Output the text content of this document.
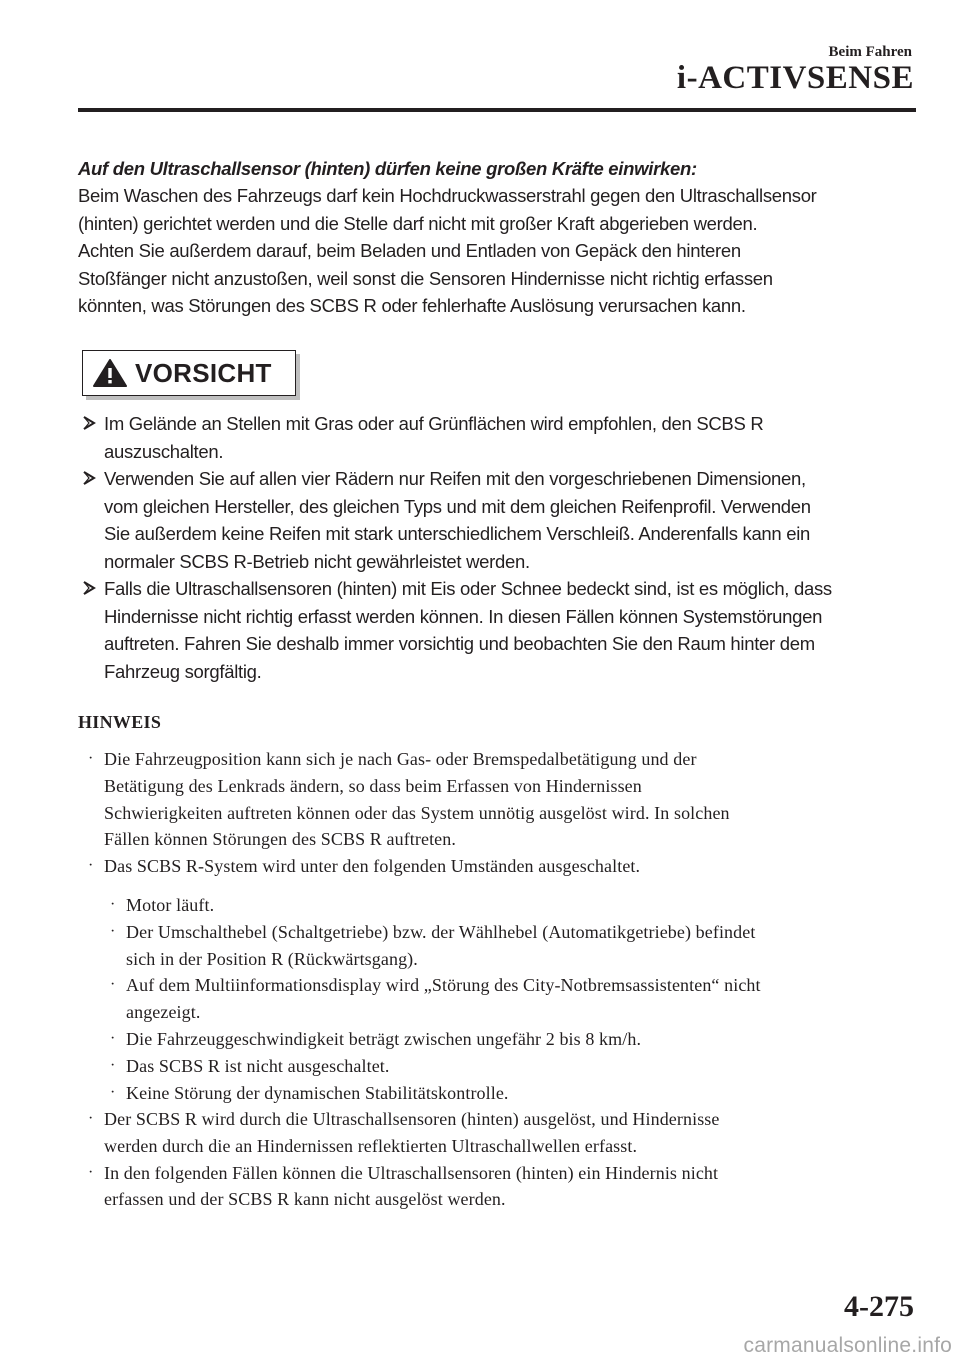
Beim Fahren
i-ACTIVSENSE
Auf den Ultraschallsensor (hinten) dürfen keine großen Kräfte einwirken:
Beim Waschen des Fahrzeugs darf kein Hochdruckwasserstrahl gegen den Ultraschallsensor
(hinten) gerichtet werden und die Stelle darf nicht mit großer Kraft abgerieben werden.
Achten Sie außerdem darauf, beim Beladen und Entladen von Gepäck den hinteren
Stoßfänger nicht anzustoßen, weil sonst die Sensoren Hindernisse nicht richtig erfassen
könnten, was Störungen des SCBS R oder fehlerhafte Auslösung verursachen kann.
VORSICHT
Im Gelände an Stellen mit Gras oder auf Grünflächen wird empfohlen, den SCBS R
auszuschalten.
Verwenden Sie auf allen vier Rädern nur Reifen mit den vorgeschriebenen Dimensionen,
vom gleichen Hersteller, des gleichen Typs und mit dem gleichen Reifenprofil. Verwenden
Sie außerdem keine Reifen mit stark unterschiedlichem Verschleiß. Anderenfalls kann ein
normaler SCBS R-Betrieb nicht gewährleistet werden.
Falls die Ultraschallsensoren (hinten) mit Eis oder Schnee bedeckt sind, ist es möglich, dass
Hindernisse nicht richtig erfasst werden können. In diesen Fällen können Systemstörungen
auftreten. Fahren Sie deshalb immer vorsichtig und beobachten Sie den Raum hinter dem
Fahrzeug sorgfältig.
HINWEIS
· Die Fahrzeugposition kann sich je nach Gas- oder Bremspedalbetätigung und der
Betätigung des Lenkrads ändern, so dass beim Erfassen von Hindernissen
Schwierigkeiten auftreten können oder das System unnötig ausgelöst wird. In solchen
Fällen können Störungen des SCBS R auftreten.
· Das SCBS R-System wird unter den folgenden Umständen ausgeschaltet.
· Motor läuft.
· Der Umschalthebel (Schaltgetriebe) bzw. der Wählhebel (Automatikgetriebe) befindet
sich in der Position R (Rückwärtsgang).
· Auf dem Multiinformationsdisplay wird „Störung des City-Notbremsassistenten“ nicht
angezeigt.
· Die Fahrzeuggeschwindigkeit beträgt zwischen ungefähr 2 bis 8 km/h.
· Das SCBS R ist nicht ausgeschaltet.
· Keine Störung der dynamischen Stabilitätskontrolle.
· Der SCBS R wird durch die Ultraschallsensoren (hinten) ausgelöst, und Hindernisse
werden durch die an Hindernissen reflektierten Ultraschallwellen erfasst.
· In den folgenden Fällen können die Ultraschallsensoren (hinten) ein Hindernis nicht
erfassen und der SCBS R kann nicht ausgelöst werden.
4-275
carmanualsonline.info
